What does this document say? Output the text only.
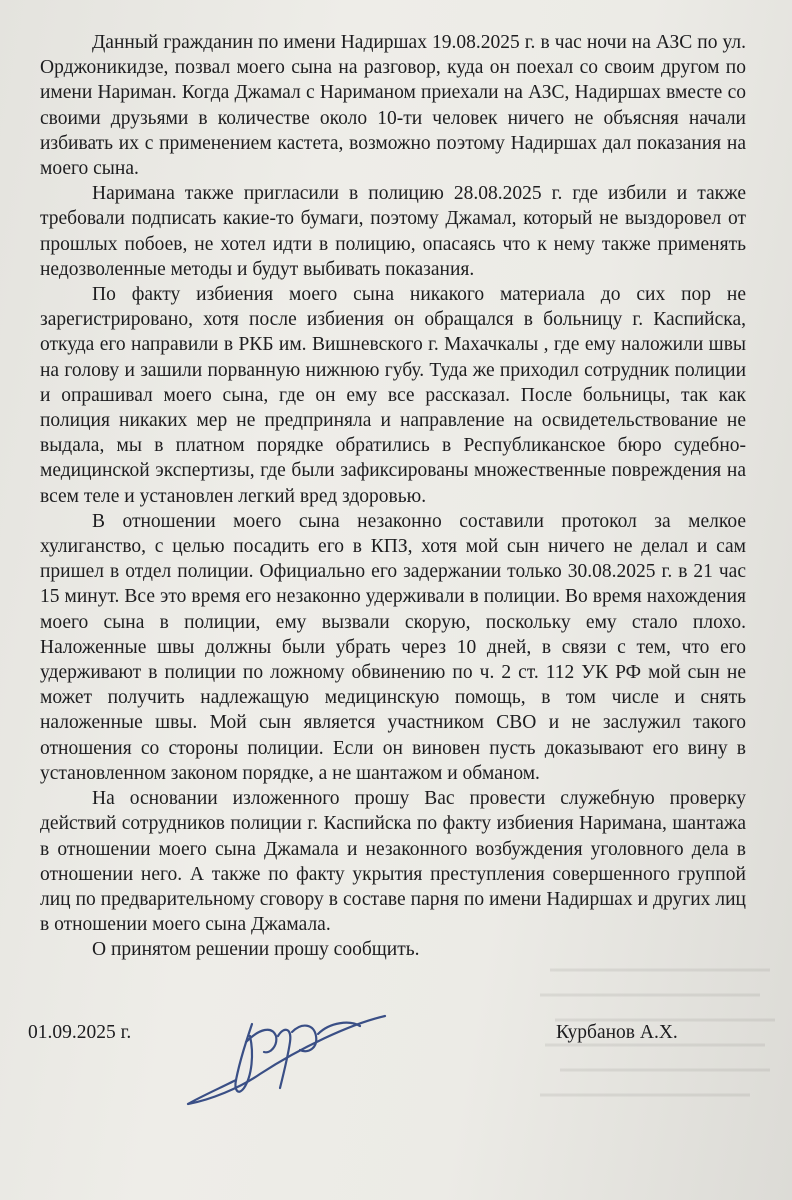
Данный гражданин по имени Надиршах 19.08.2025 г. в час ночи на АЗС по ул. Орджоникидзе, позвал моего сына на разговор, куда он поехал со своим другом по имени Нариман. Когда Джамал с Нариманом приехали на АЗС, Надиршах вместе со своими друзьями в количестве около 10-ти человек ничего не объясняя начали избивать их с применением кастета, возможно поэтому Надиршах дал показания на моего сына.

Наримана также пригласили в полицию 28.08.2025 г. где избили и также требовали подписать какие-то бумаги, поэтому Джамал, который не выздоровел от прошлых побоев, не хотел идти в полицию, опасаясь что к нему также применять недозволенные методы и будут выбивать показания.

По факту избиения моего сына никакого материала до сих пор не зарегистрировано, хотя после избиения он обращался в больницу г. Каспийска, откуда его направили в РКБ им. Вишневского г. Махачкалы , где ему наложили швы на голову и зашили порванную нижнюю губу. Туда же приходил сотрудник полиции и опрашивал моего сына, где он ему все рассказал. После больницы, так как полиция никаких мер не предприняла и направление на освидетельствование не выдала, мы в платном порядке обратились в Республиканское бюро судебно-медицинской экспертизы, где были зафиксированы множественные повреждения на всем теле и установлен легкий вред здоровью.

В отношении моего сына незаконно составили протокол за мелкое хулиганство, с целью посадить его в КПЗ, хотя мой сын ничего не делал и сам пришел в отдел полиции. Официально его задержании только 30.08.2025 г. в 21 час 15 минут. Все это время его незаконно удерживали в полиции. Во время нахождения моего сына в полиции, ему вызвали скорую, поскольку ему стало плохо. Наложенные швы должны были убрать через 10 дней, в связи с тем, что его удерживают в полиции по ложному обвинению по ч. 2 ст. 112 УК РФ мой сын не может получить надлежащую медицинскую помощь, в том числе и снять наложенные швы. Мой сын является участником СВО и не заслужил такого отношения со стороны полиции. Если он виновен пусть доказывают его вину в установленном законом порядке, а не шантажом и обманом.

На основании изложенного прошу Вас провести служебную проверку действий сотрудников полиции г. Каспийска по факту избиения Наримана, шантажа в отношении моего сына Джамала и незаконного возбуждения уголовного дела в отношении него. А также по факту укрытия преступления совершенного группой лиц по предварительному сговору в составе парня по имени Надиршах и других лиц в отношении моего сына Джамала.

О принятом решении прошу сообщить.

01.09.2025 г.	Курбанов А.Х.
